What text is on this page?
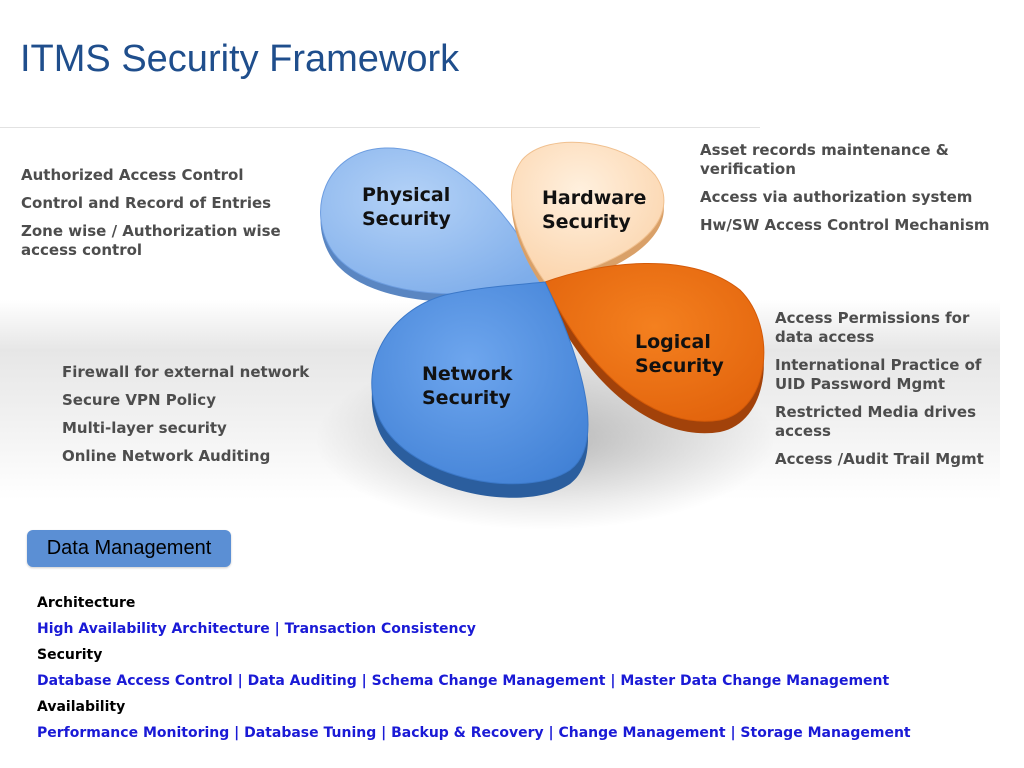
ITMS Security Framework
Authorized Access Control
Control and Record of Entries
Zone wise / Authorization wise access control
Asset records maintenance & verification
Access via authorization system
Hw/SW Access Control Mechanism
Firewall for external network
Secure VPN Policy
Multi-layer security
Online Network Auditing
Access Permissions for data access
International Practice of UID Password Mgmt
Restricted Media drives access
Access /Audit Trail Mgmt
Physical
Security
Hardware
Security
Network
Security
Logical
Security
Data Management
Architecture
High Availability Architecture | Transaction Consistency
Security
Database Access Control | Data Auditing | Schema Change Management | Master Data Change Management
Availability
Performance Monitoring | Database Tuning | Backup & Recovery | Change Management | Storage Management
